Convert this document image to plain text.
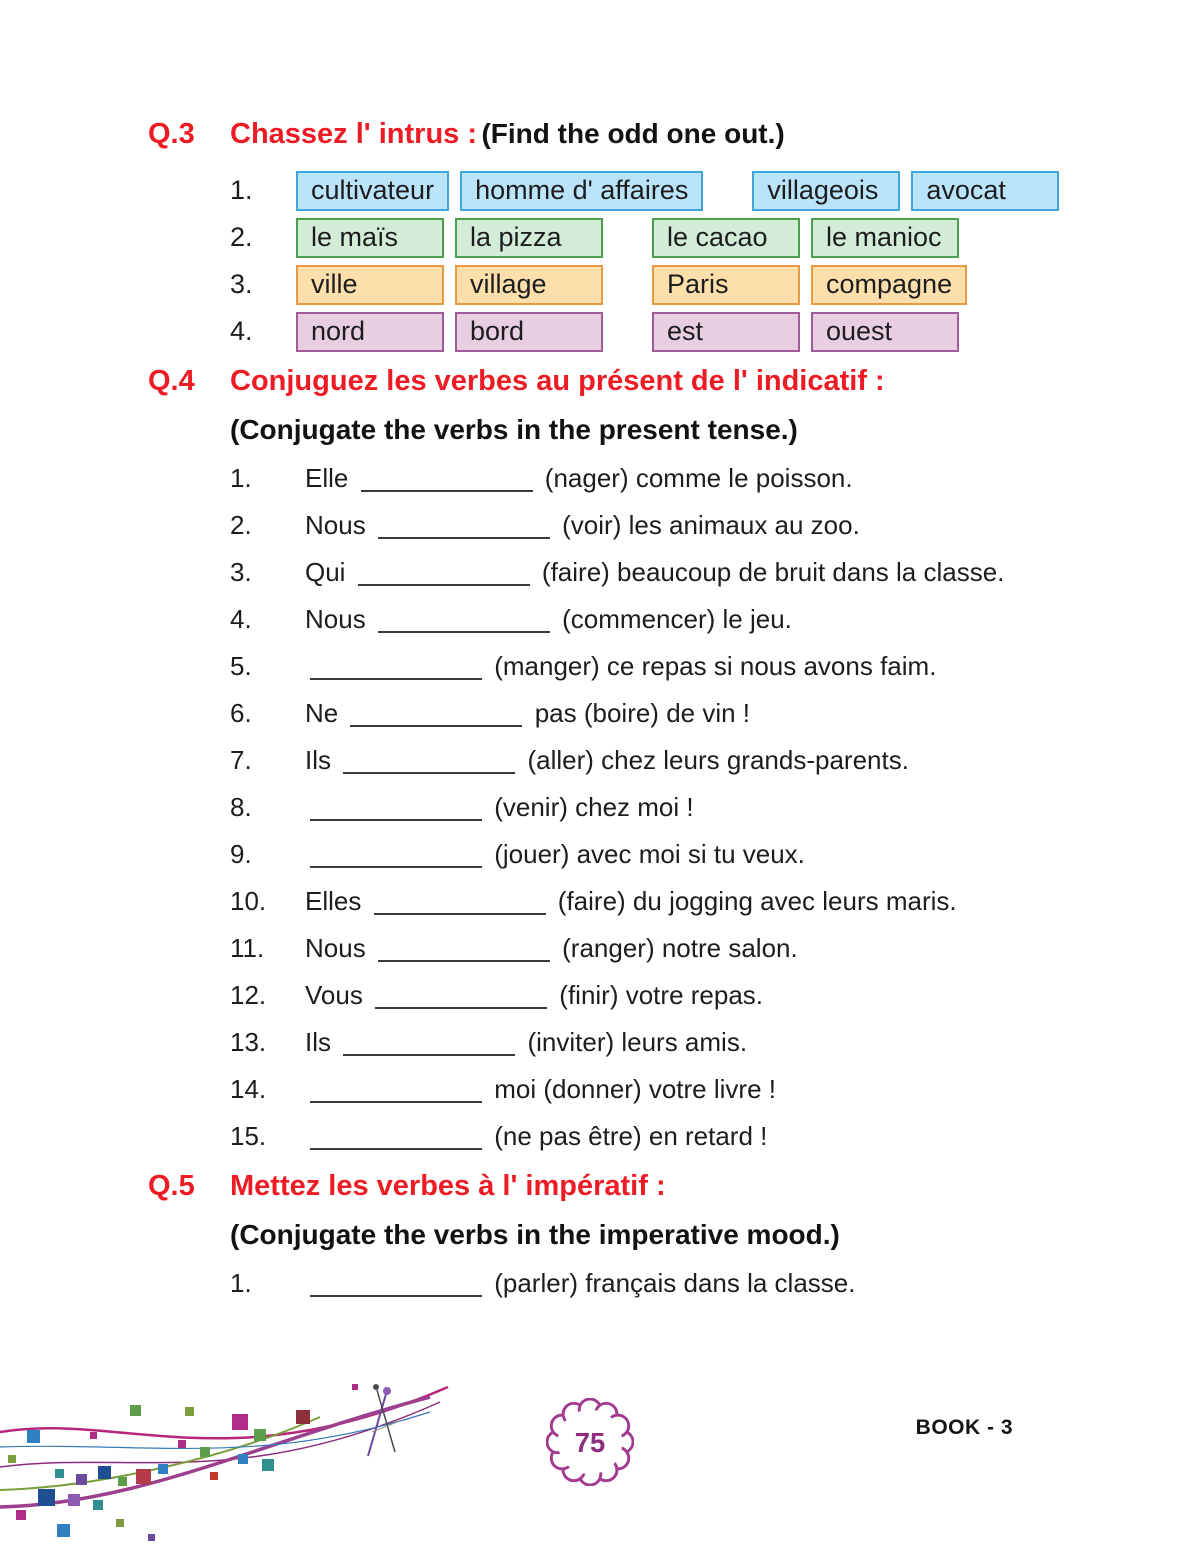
Q.3	Chassez l' intrus : (Find the odd one out.)
1.	cultivateur	homme d' affaires	villageois	avocat
2.	le maïs	la pizza	le cacao	le manioc
3.	ville	village	Paris	compagne
4.	nord	bord	est	ouest
Q.4	Conjuguez les verbes au présent de l' indicatif :
(Conjugate the verbs in the present tense.)
1.	Elle	(nager) comme le poisson.
2.	Nous	(voir) les animaux au zoo.
3.	Qui	(faire) beaucoup de bruit dans la classe.
4.	Nous	(commencer) le jeu.
5.	(manger) ce repas si nous avons faim.
6.	Ne	pas (boire) de vin !
7.	Ils	(aller) chez leurs grands-parents.
8.	(venir) chez moi !
9.	(jouer) avec moi si tu veux.
10.	Elles	(faire) du jogging avec leurs maris.
11.	Nous	(ranger) notre salon.
12.	Vous	(finir) votre repas.
13.	Ils	(inviter) leurs amis.
14.	moi (donner) votre livre !
15.	(ne pas être) en retard !
Q.5	Mettez les verbes à l' impératif :
(Conjugate the verbs in the imperative mood.)
1.	(parler) français dans la classe.
75	BOOK - 3
